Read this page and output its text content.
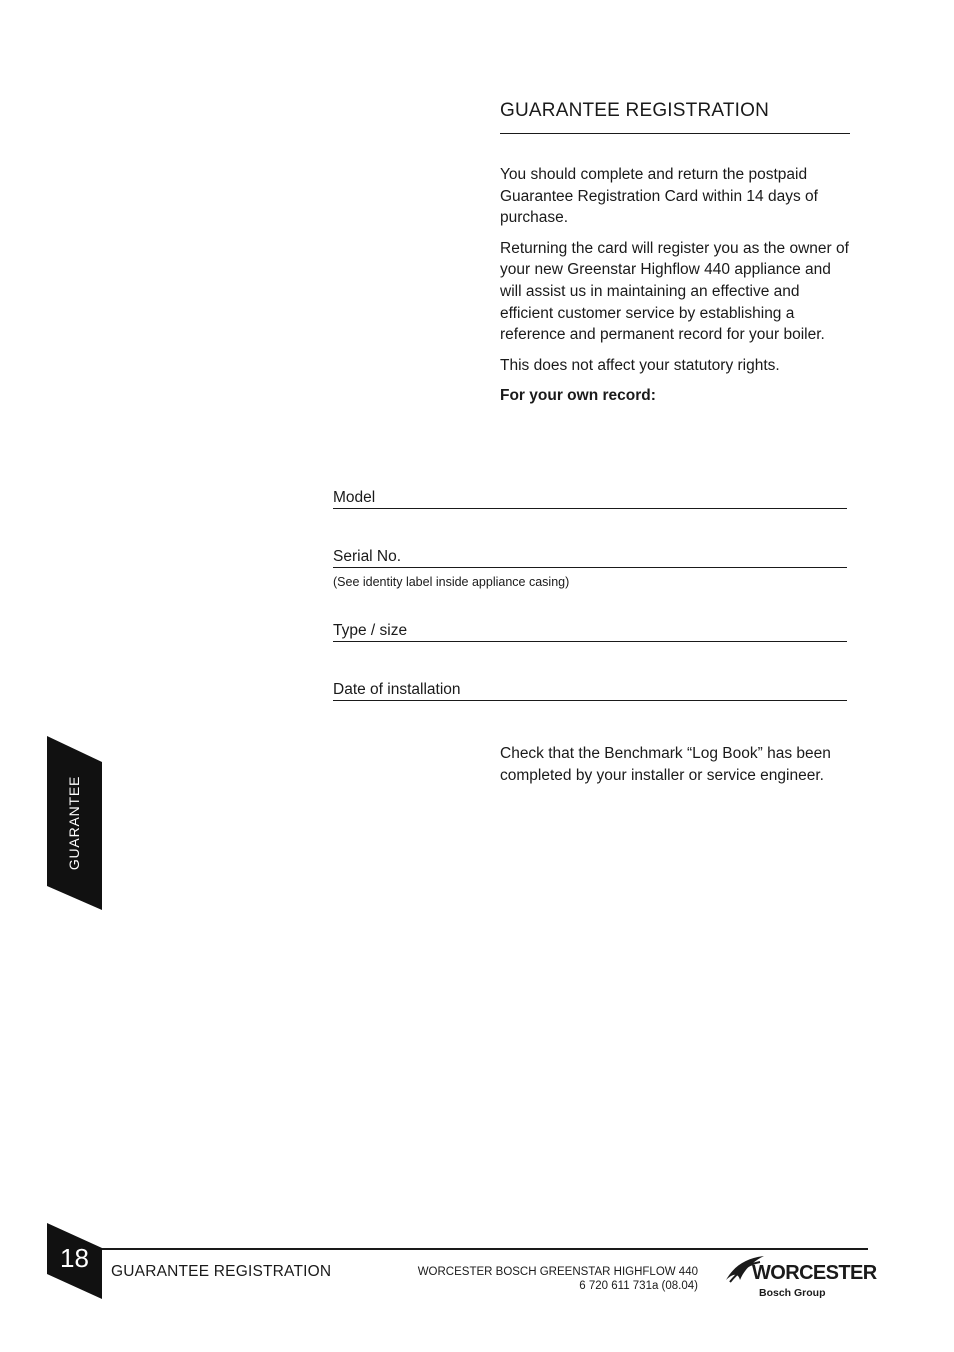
GUARANTEE REGISTRATION

You should complete and return the postpaid Guarantee Registration Card within 14 days of purchase.

Returning the card will register you as the owner of your new Greenstar Highflow 440 appliance and will assist us in maintaining an effective and efficient customer service by establishing a reference and permanent record for your boiler.

This does not affect your statutory rights.

For your own record:

Model
Serial No.
(See identity label inside appliance casing)
Type / size
Date of installation

Check that the Benchmark “Log Book” has been completed by your installer or service engineer.

GUARANTEE
18	GUARANTEE REGISTRATION	WORCESTER BOSCH GREENSTAR HIGHFLOW 440
6 720 611 731a (08.04)
WORCESTER
Bosch Group
